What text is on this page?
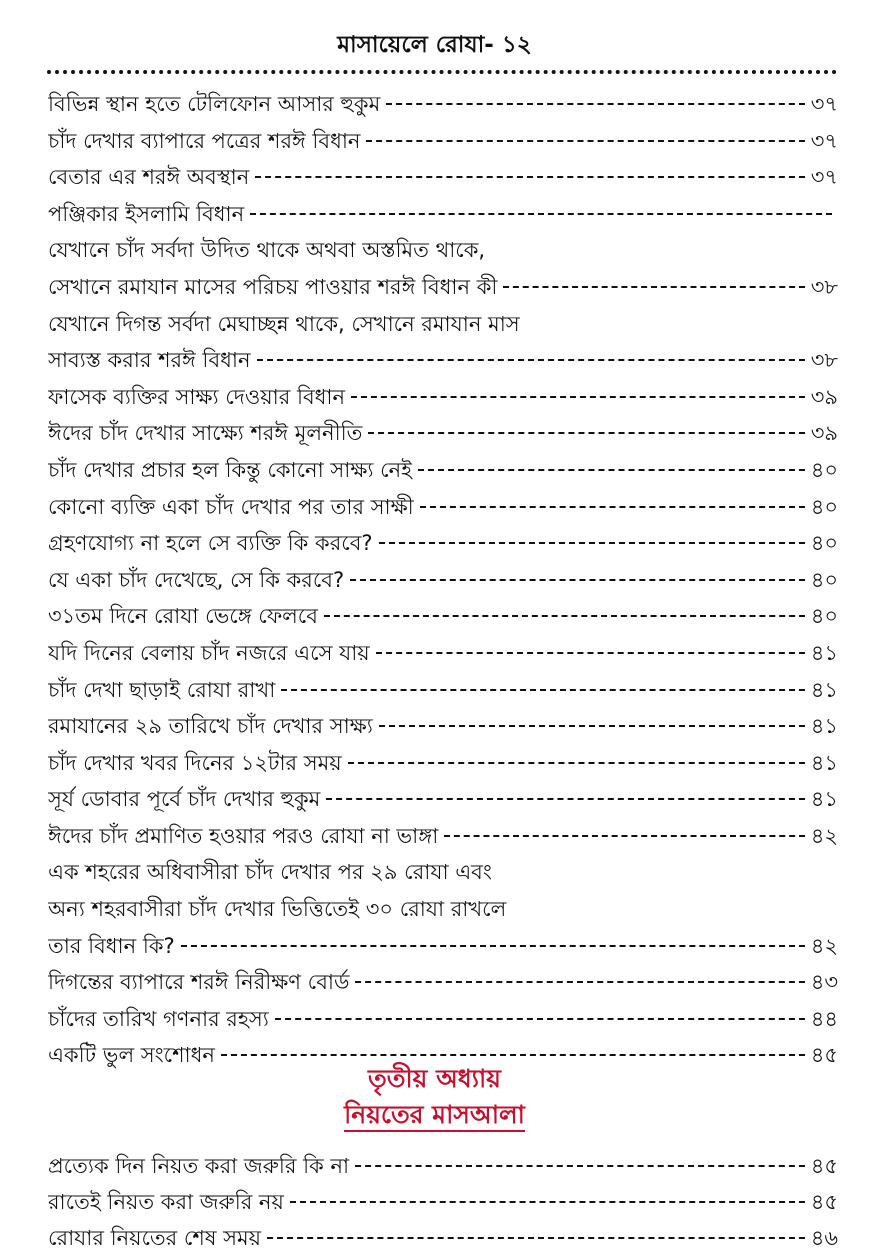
মাসায়েলে রোযা- ১২
বিভিন্ন স্থান হতে টেলিফোন আসার হুকুম	৩৭
চাঁদ দেখার ব্যাপারে পত্রের শরঈ বিধান	৩৭
বেতার এর শরঈ অবস্থান	৩৭
পঞ্জিকার ইসলামি বিধান
যেখানে চাঁদ সর্বদা উদিত থাকে অথবা অস্তমিত থাকে,
সেখানে রমাযান মাসের পরিচয় পাওয়ার শরঈ বিধান কী	৩৮
যেখানে দিগন্ত সর্বদা মেঘাচ্ছন্ন থাকে, সেখানে রমাযান মাস
সাব্যস্ত করার শরঈ বিধান	৩৮
ফাসেক ব্যক্তির সাক্ষ্য দেওয়ার বিধান	৩৯
ঈদের চাঁদ দেখার সাক্ষ্যে শরঈ মূলনীতি	৩৯
চাঁদ দেখার প্রচার হল কিন্তু কোনো সাক্ষ্য নেই	৪০
কোনো ব্যক্তি একা চাঁদ দেখার পর তার সাক্ষী	৪০
গ্রহণযোগ্য না হলে সে ব্যক্তি কি করবে?	৪০
যে একা চাঁদ দেখেছে, সে কি করবে?	৪০
৩১তম দিনে রোযা ভেঙ্গে ফেলবে	৪০
যদি দিনের বেলায় চাঁদ নজরে এসে যায়	৪১
চাঁদ দেখা ছাড়াই রোযা রাখা	৪১
রমাযানের ২৯ তারিখে চাঁদ দেখার সাক্ষ্য	৪১
চাঁদ দেখার খবর দিনের ১২টার সময়	৪১
সূর্য ডোবার পূর্বে চাঁদ দেখার হুকুম	৪১
ঈদের চাঁদ প্রমাণিত হওয়ার পরও রোযা না ভাঙ্গা	৪২
এক শহরের অধিবাসীরা চাঁদ দেখার পর ২৯ রোযা এবং
অন্য শহরবাসীরা চাঁদ দেখার ভিত্তিতেই ৩০ রোযা রাখলে
তার বিধান কি?	৪২
দিগন্তের ব্যাপারে শরঈ নিরীক্ষণ বোর্ড	৪৩
চাঁদের তারিখ গণনার রহস্য	৪৪
একটি ভুল সংশোধন	৪৫
তৃতীয় অধ্যায়
নিয়তের মাসআলা
প্রত্যেক দিন নিয়ত করা জরুরি কি না	৪৫
রাতেই নিয়ত করা জরুরি নয়	৪৫
রোযার নিয়তের শেষ সময়	৪৬
